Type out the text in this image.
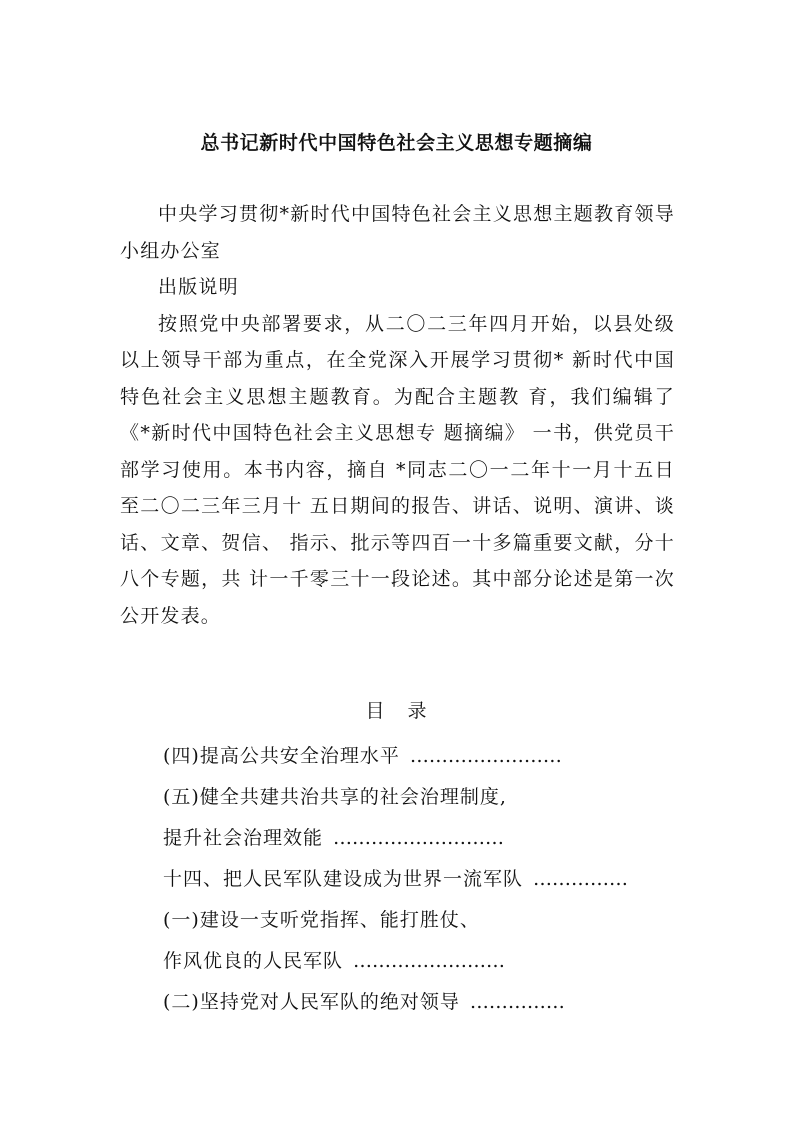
总书记新时代中国特色社会主义思想专题摘编

中央学习贯彻*新时代中国特色社会主义思想主题教育领导小组办公室

出版说明

按照党中央部署要求，从二〇二三年四月开始，以县处级以上领导干部为重点，在全党深入开展学习贯彻* 新时代中国特色社会主义思想主题教育。为配合主题教 育，我们编辑了《*新时代中国特色社会主义思想专 题摘编》 一书，供党员干部学习使用。本书内容，摘自 *同志二〇一二年十一月十五日至二〇二三年三月十 五日期间的报告、讲话、说明、演讲、谈话、文章、贺信、 指示、批示等四百一十多篇重要文献，分十八个专题，共 计一千零三十一段论述。其中部分论述是第一次公开发表。

目 录
(四)提高公共安全治理水平 ……………………
(五)健全共建共治共享的社会治理制度,
提升社会治理效能 ………………………
十四、把人民军队建设成为世界一流军队 ……………
(一)建设一支听党指挥、能打胜仗、
作风优良的人民军队 ……………………
(二)坚持党对人民军队的绝对领导 ……………
